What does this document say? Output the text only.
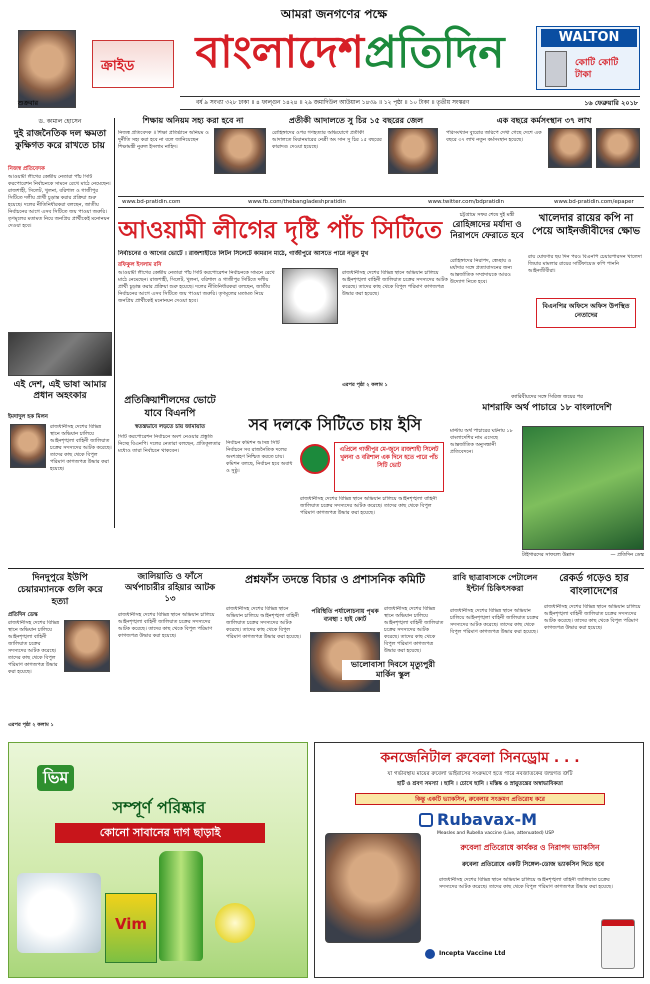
ক্রাইড
আমরা জনগণের পক্ষে
বাংলাদেশপ্রতিদিন	WALTON
কোটি কোটি টাকা
শুক্রবার	বর্ষ ৯ সংখ্যা ৩২৮ ঢাকা ॥ ৪ ফাল্গুন ১৪২৪ ॥ ২৯ জমাদিউল আউয়াল ১৪৩৯ ॥ ১২ পৃষ্ঠা ॥ ১০ টাকা ॥ তৃতীয় সংস্করণ	১৬ ফেব্রুয়ারি ২০১৮
ড. কামাল হোসেন
দুই রাজনৈতিক দল ক্ষমতা কুক্ষিগত করে রাখতে চায়
নিজস্ব প্রতিবেদক
আওয়ামী লীগের কেন্দ্রীয় নেতারা পাঁচ সিটি করপোরেশন নির্বাচনকে সামনে রেখে মাঠে নেমেছেন। রাজশাহী, সিলেট, খুলনা, বরিশাল ও গাজীপুর সিটিতে দলীয় প্রার্থী চূড়ান্ত করার প্রক্রিয়া শুরু হয়েছে। দলের নীতিনির্ধারকরা বলছেন, জাতীয় নির্বাচনের আগে এসব সিটিতে জয় পাওয়া জরুরি। তৃণমূলের মতামত নিয়ে জনপ্রিয় প্রার্থীকেই মনোনয়ন দেওয়া হবে।
এই দেশ, এই ভাষা আমার প্রধান অহংকার
ইমদাদুল হক মিলন
রাজধানীসহ দেশের বিভিন্ন স্থানে অভিযান চালিয়ে আইনশৃঙ্খলা বাহিনী জালিয়াত চক্রের সদস্যদের আটক করেছে। তাদের কাছ থেকে বিপুল পরিমাণ কাগজপত্র উদ্ধার করা হয়েছে।
শিক্ষায় অনিয়ম সহ্য করা হবে না
নিজস্ব প্রতিবেদক ॥ শিক্ষা প্রতিষ্ঠানে অনিয়ম ও দুর্নীতি সহ্য করা হবে না বলে জানিয়েছেন শিক্ষামন্ত্রী নুরুল ইসলাম নাহিদ।
প্রতীকী আদালতে সু চির ১৫ বছরের জেল
রোহিঙ্গাদের ওপর গণহত্যার অভিযোগে প্রতীকী আদালতে মিয়ানমারের নেত্রী অং সান সু চির ১৫ বছরের কারাদণ্ড দেওয়া হয়েছে।
এক বছরে কর্মসংস্থান ৩৭ লাখ
পরিসংখ্যান ব্যুরোর জরিপে দেখা গেছে দেশে এক বছরে ৩৭ লাখ নতুন কর্মসংস্থান হয়েছে।
www.bd-pratidin.com	www.fb.com/thebangladeshpratidin	www.twitter.com/bdpratidin	www.bd-pratidin.com/epaper
আওয়ামী লীগের দৃষ্টি পাঁচ সিটিতে
নির্বাচনের ও আগের ভোটে । রাজশাহীতে লিটন সিলেটে কামরান মাঠে, গাজীপুরে আসতে পারে নতুন মুখ
রফিকুল ইসলাম রনি
আওয়ামী লীগের কেন্দ্রীয় নেতারা পাঁচ সিটি করপোরেশন নির্বাচনকে সামনে রেখে মাঠে নেমেছেন। রাজশাহী, সিলেট, খুলনা, বরিশাল ও গাজীপুর সিটিতে দলীয় প্রার্থী চূড়ান্ত করার প্রক্রিয়া শুরু হয়েছে। দলের নীতিনির্ধারকরা বলছেন, জাতীয় নির্বাচনের আগে এসব সিটিতে জয় পাওয়া জরুরি। তৃণমূলের মতামত নিয়ে জনপ্রিয় প্রার্থীকেই মনোনয়ন দেওয়া হবে।
রাজধানীসহ দেশের বিভিন্ন স্থানে অভিযান চালিয়ে আইনশৃঙ্খলা বাহিনী জালিয়াত চক্রের সদস্যদের আটক করেছে। তাদের কাছ থেকে বিপুল পরিমাণ কাগজপত্র উদ্ধার করা হয়েছে।
এরপর পৃষ্ঠা ২ কলাম ১
চট্টগ্রামে সফর শেষে দুই মন্ত্রী
রোহিঙ্গাদের মর্যাদা ও নিরাপদে ফেরাতে হবে
রোহিঙ্গাদের নিরাপদ, স্বেচ্ছায় ও মর্যাদার সঙ্গে প্রত্যাবাসনের জন্য আন্তর্জাতিক সম্প্রদায়কে আরও উদ্যোগ নিতে হবে।
খালেদার রায়ের কপি না পেয়ে আইনজীবীদের ক্ষোভ
রায় ঘোষণার ছয় দিন পরও বিএনপি চেয়ারপারসন খালেদা জিয়ার মামলার রায়ের সার্টিফায়েড কপি পাননি আইনজীবীরা।
বিএনপির অফিসে অফিস উপস্থিত নেতাদের
প্রতিক্রিয়াশীলদের ভোটে যাবে বিএনপি
স্বতন্ত্রভাবে লড়তে চায় জামায়াত
সিটি করপোরেশন নির্বাচনে অংশ নেওয়ার প্রস্তুতি নিচ্ছে বিএনপি। দলের নেতারা বলছেন, প্রতিকূলতার মধ্যেও তারা নির্বাচনে থাকবেন।
সব দলকে সিটিতে চায় ইসি
নির্বাচন কমিশন আসন্ন সিটি নির্বাচনে সব রাজনৈতিক দলের অংশগ্রহণ নিশ্চিত করতে চায়। কমিশন বলছে, নির্বাচন হবে অবাধ ও সুষ্ঠু।
এপ্রিলে গাজীপুর মে-জুনে রাজশাহী সিলেট খুলনা ও বরিশাল এক দিনে হতে পারে পাঁচ সিটি ভোট
রাজধানীসহ দেশের বিভিন্ন স্থানে অভিযান চালিয়ে আইনশৃঙ্খলা বাহিনী জালিয়াত চক্রের সদস্যদের আটক করেছে। তাদের কাছ থেকে বিপুল পরিমাণ কাগজপত্র উদ্ধার করা হয়েছে।
ক্যারিবীয়দের সঙ্গে সিরিজ জয়ের পর
মাশরাফি অর্থ পাচারে ১৮ বাংলাদেশি
মাল্টায় অর্থ পাচারের ঘটনায় ১৮ বাংলাদেশির নাম এসেছে আন্তর্জাতিক অনুসন্ধানী প্রতিবেদনে।
টাইগারদের সাফল্যে উল্লাস	— প্রতিদিন ডেস্ক
দিনদুপুরে ইউপি চেয়ারম্যানকে গুলি করে হত্যা
প্রতিদিন ডেস্ক
রাজধানীসহ দেশের বিভিন্ন স্থানে অভিযান চালিয়ে আইনশৃঙ্খলা বাহিনী জালিয়াত চক্রের সদস্যদের আটক করেছে। তাদের কাছ থেকে বিপুল পরিমাণ কাগজপত্র উদ্ধার করা হয়েছে।
এরপর পৃষ্ঠা ২ কলাম ১
জালিয়াতি ও ফাঁসে অর্থপাচারীর রহিয়ার আটক ১৩
রাজধানীসহ দেশের বিভিন্ন স্থানে অভিযান চালিয়ে আইনশৃঙ্খলা বাহিনী জালিয়াত চক্রের সদস্যদের আটক করেছে। তাদের কাছ থেকে বিপুল পরিমাণ কাগজপত্র উদ্ধার করা হয়েছে।
প্রশ্নফাঁস তদন্তে বিচার ও প্রশাসনিক কমিটি
রাজধানীসহ দেশের বিভিন্ন স্থানে অভিযান চালিয়ে আইনশৃঙ্খলা বাহিনী জালিয়াত চক্রের সদস্যদের আটক করেছে। তাদের কাছ থেকে বিপুল পরিমাণ কাগজপত্র উদ্ধার করা হয়েছে।
পরিস্থিতি পর্যালোচনায় পৃথক ব্যবস্থা : হাই কোর্ট
রাজধানীসহ দেশের বিভিন্ন স্থানে অভিযান চালিয়ে আইনশৃঙ্খলা বাহিনী জালিয়াত চক্রের সদস্যদের আটক করেছে। তাদের কাছ থেকে বিপুল পরিমাণ কাগজপত্র উদ্ধার করা হয়েছে।
ভালোবাসা দিবসে মৃত্যুপুরী মার্কিন স্কুল
রাবি ছাত্রাবাসকে পেটালেন ইন্টার্ন চিকিৎসকরা
রাজধানীসহ দেশের বিভিন্ন স্থানে অভিযান চালিয়ে আইনশৃঙ্খলা বাহিনী জালিয়াত চক্রের সদস্যদের আটক করেছে। তাদের কাছ থেকে বিপুল পরিমাণ কাগজপত্র উদ্ধার করা হয়েছে।
রেকর্ড গড়েও হার বাংলাদেশের
রাজধানীসহ দেশের বিভিন্ন স্থানে অভিযান চালিয়ে আইনশৃঙ্খলা বাহিনী জালিয়াত চক্রের সদস্যদের আটক করেছে। তাদের কাছ থেকে বিপুল পরিমাণ কাগজপত্র উদ্ধার করা হয়েছে।
ভিম
সম্পূর্ণ পরিষ্কার
কোনো সাবানের দাগ ছাড়াই
Vim
কনজেনিটাল রুবেলা সিনড্রোম . . .
যা গর্ভাবস্থায় মায়ের রুবেলা ভাইরাসের সংক্রমণে হতে পারে নবজাতকের জন্মগত ত্রুটি
হার্ট ও শ্রবণ সমস্যা । ছানি । চোখে ছানি । মস্তিষ্ক ও স্নায়ুতন্ত্রের অস্বাভাবিকতা
কিন্তু একটি ভ্যাকসিন, রুবেলার সংক্রমণ প্রতিরোধ করে
Rubavax-M
Measles and Rubella vaccine (Live, attenuated) USP
রুবেলা প্রতিরোধে কার্যকর ও নিরাপদ ভ্যাকসিন
রুবেলা প্রতিরোধে একটি সিঙ্গেল-ডোজ ভ্যাকসিন দিতে হবে
রাজধানীসহ দেশের বিভিন্ন স্থানে অভিযান চালিয়ে আইনশৃঙ্খলা বাহিনী জালিয়াত চক্রের সদস্যদের আটক করেছে। তাদের কাছ থেকে বিপুল পরিমাণ কাগজপত্র উদ্ধার করা হয়েছে।
Incepta Vaccine Ltd
